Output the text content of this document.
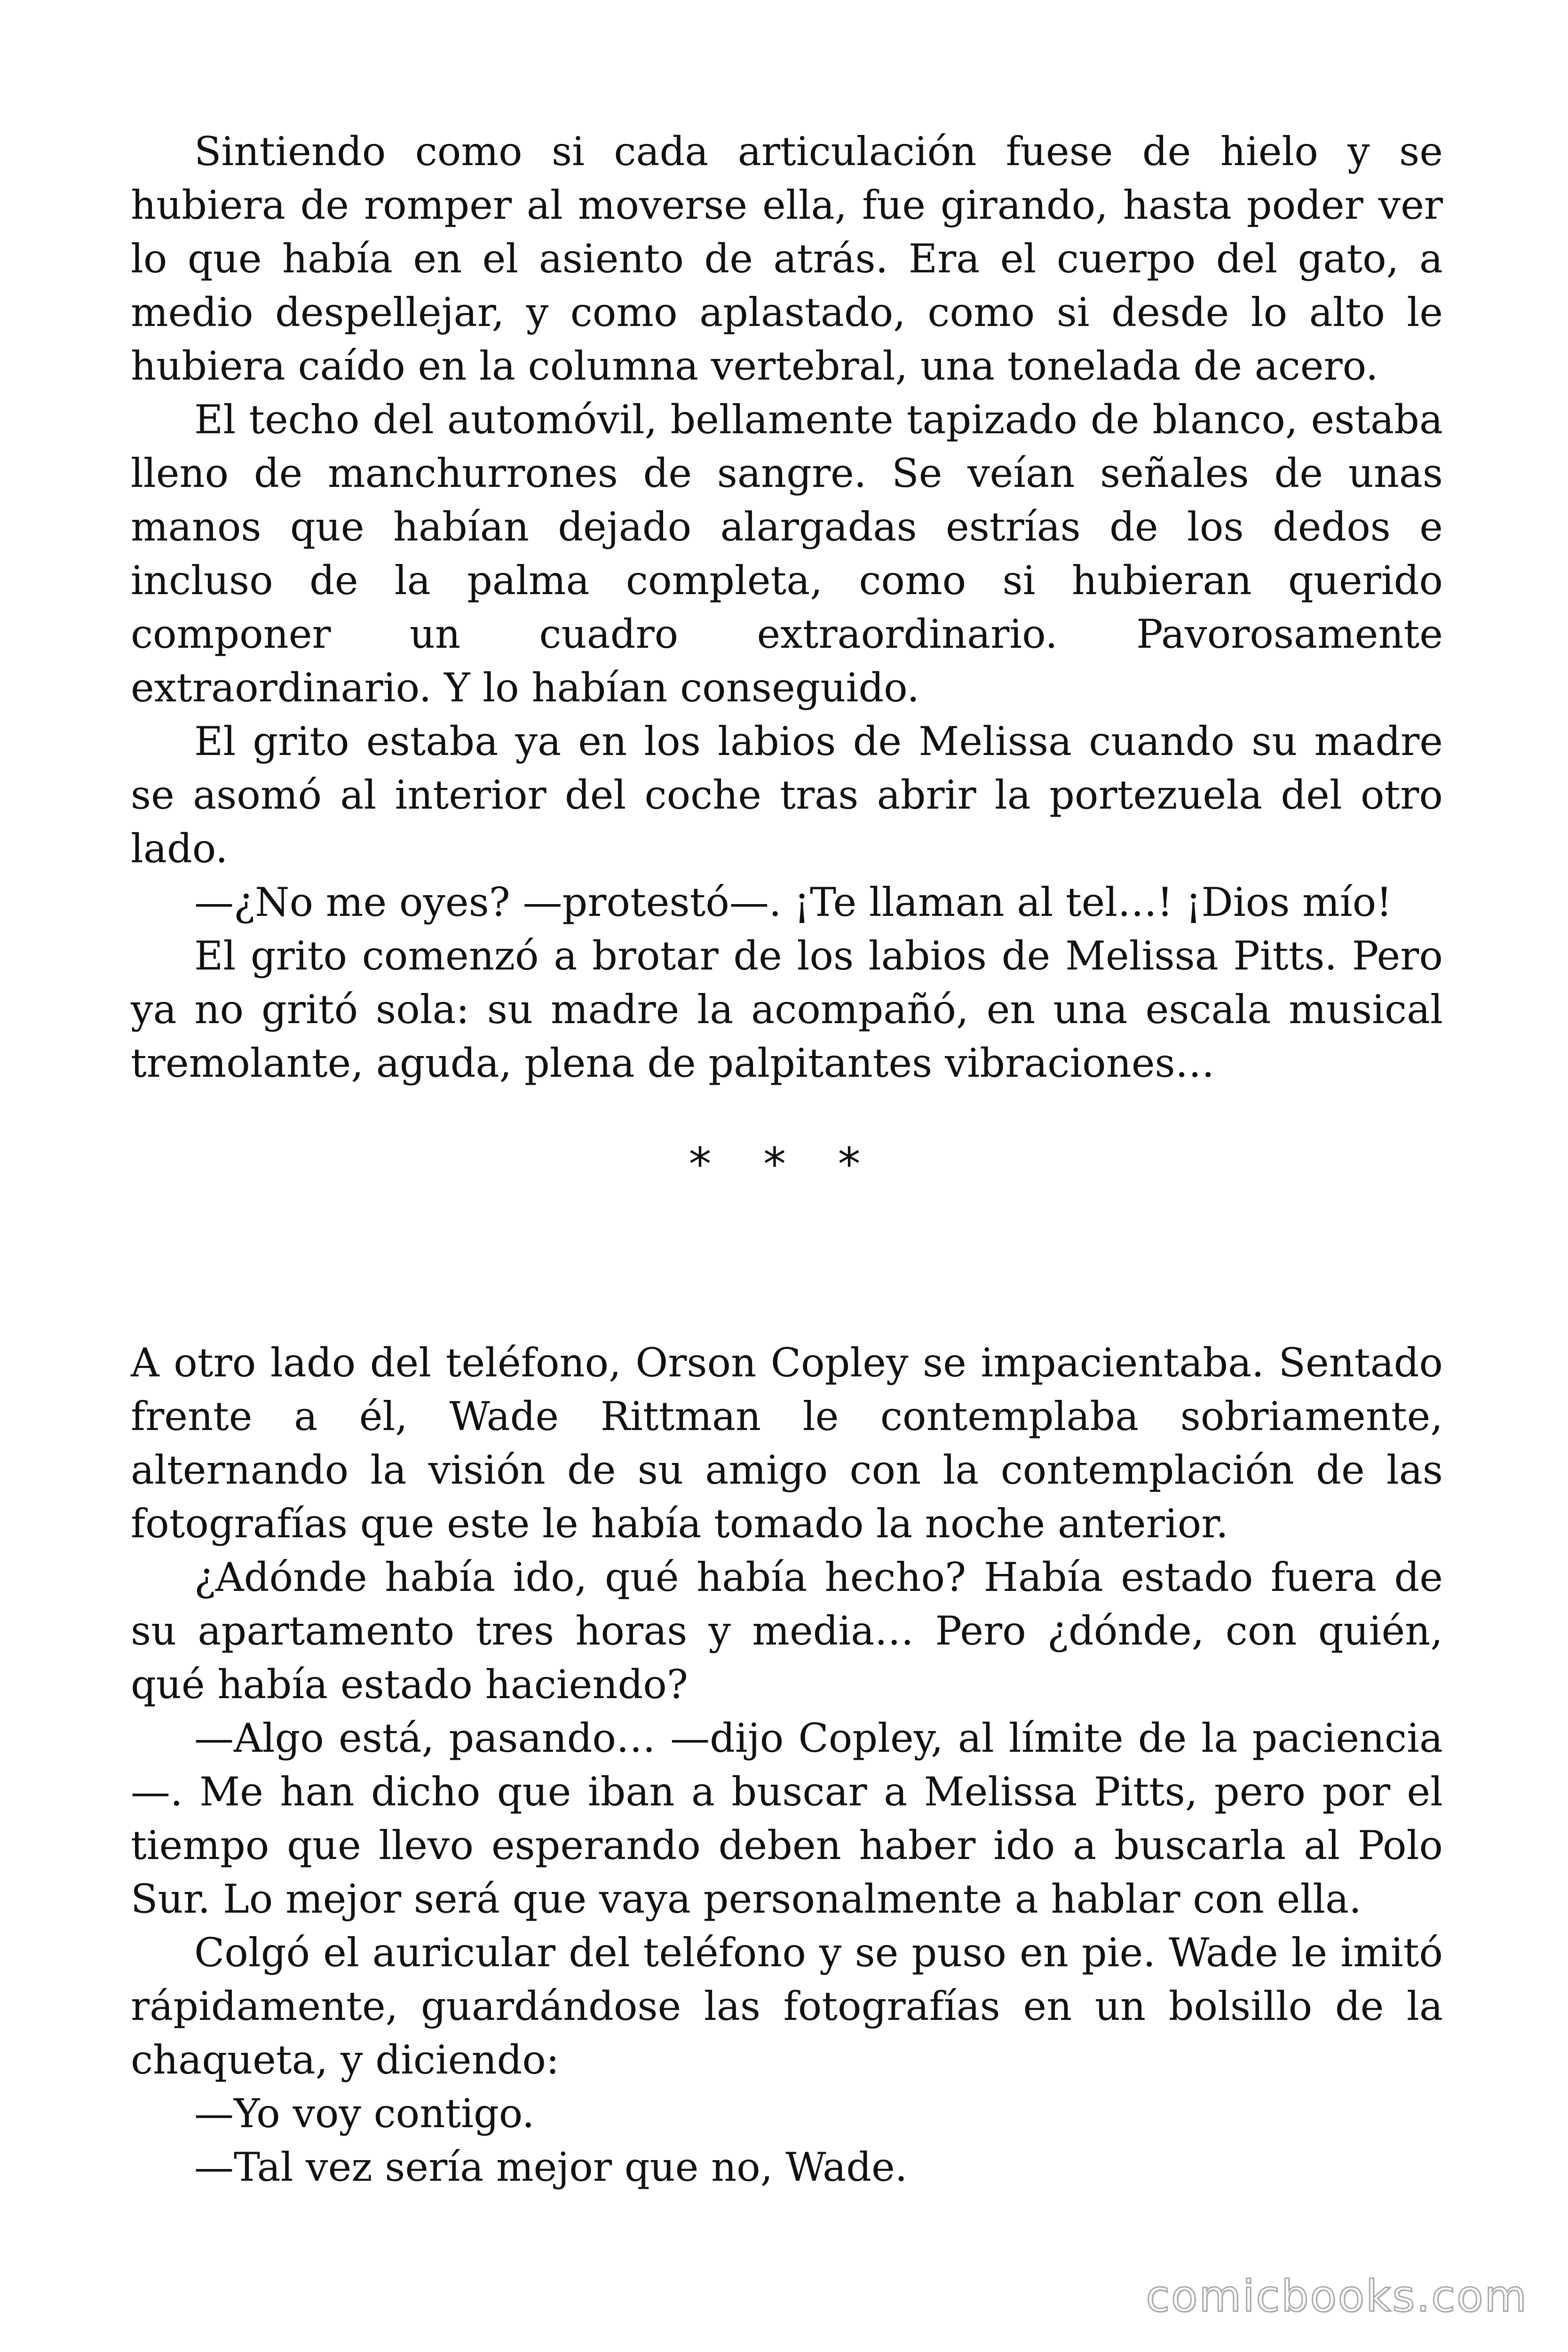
Sintiendo como si cada articulación fuese de hielo y se hubiera de romper al moverse ella, fue girando, hasta poder ver lo que había en el asiento de atrás. Era el cuerpo del gato, a medio despellejar, y como aplastado, como si desde lo alto le hubiera caído en la columna vertebral, una tonelada de acero.

El techo del automóvil, bellamente tapizado de blanco, estaba lleno de manchurrones de sangre. Se veían señales de unas manos que habían dejado alargadas estrías de los dedos e incluso de la palma completa, como si hubieran querido componer un cuadro extraordinario. Pavorosamente extraordinario. Y lo habían conseguido.

El grito estaba ya en los labios de Melissa cuando su madre se asomó al interior del coche tras abrir la portezuela del otro lado.

—¿No me oyes? —protestó—. ¡Te llaman al tel…! ¡Dios mío!

El grito comenzó a brotar de los labios de Melissa Pitts. Pero ya no gritó sola: su madre la acompañó, en una escala musical tremolante, aguda, plena de palpitantes vibraciones…

* * *

A otro lado del teléfono, Orson Copley se impacientaba. Sentado frente a él, Wade Rittman le contemplaba sobriamente, alternando la visión de su amigo con la contemplación de las fotografías que este le había tomado la noche anterior.

¿Adónde había ido, qué había hecho? Había estado fuera de su apartamento tres horas y media… Pero ¿dónde, con quién, qué había estado haciendo?

—Algo está, pasando… —dijo Copley, al límite de la paciencia—. Me han dicho que iban a buscar a Melissa Pitts, pero por el tiempo que llevo esperando deben haber ido a buscarla al Polo Sur. Lo mejor será que vaya personalmente a hablar con ella.

Colgó el auricular del teléfono y se puso en pie. Wade le imitó rápidamente, guardándose las fotografías en un bolsillo de la chaqueta, y diciendo:

—Yo voy contigo.

—Tal vez sería mejor que no, Wade.

comicbooks.com
